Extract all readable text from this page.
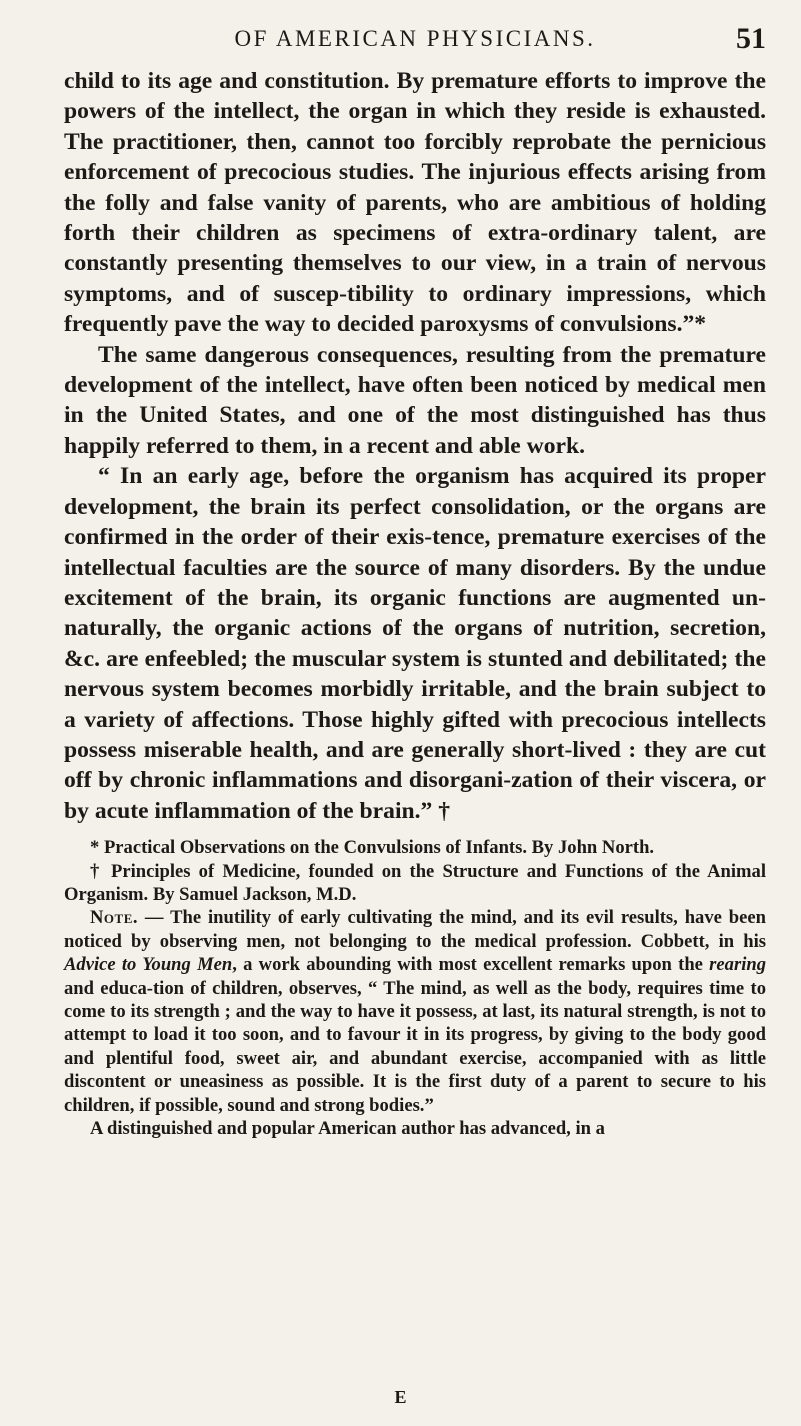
OF AMERICAN PHYSICIANS.	51

child to its age and constitution. By premature efforts to improve the powers of the intellect, the organ in which they reside is exhausted. The practitioner, then, cannot too forcibly reprobate the pernicious enforcement of precocious studies. The injurious effects arising from the folly and false vanity of parents, who are ambitious of holding forth their children as specimens of extra-ordinary talent, are constantly presenting themselves to our view, in a train of nervous symptoms, and of suscep-tibility to ordinary impressions, which frequently pave the way to decided paroxysms of convulsions.”*

The same dangerous consequences, resulting from the premature development of the intellect, have often been noticed by medical men in the United States, and one of the most distinguished has thus happily referred to them, in a recent and able work.

“ In an early age, before the organism has acquired its proper development, the brain its perfect consolidation, or the organs are confirmed in the order of their exis-tence, premature exercises of the intellectual faculties are the source of many disorders. By the undue excitement of the brain, its organic functions are augmented un-naturally, the organic actions of the organs of nutrition, secretion, &c. are enfeebled; the muscular system is stunted and debilitated; the nervous system becomes morbidly irritable, and the brain subject to a variety of affections. Those highly gifted with precocious intellects possess miserable health, and are generally short-lived : they are cut off by chronic inflammations and disorgani-zation of their viscera, or by acute inflammation of the brain.” †

* Practical Observations on the Convulsions of Infants. By John North.

† Principles of Medicine, founded on the Structure and Functions of the Animal Organism. By Samuel Jackson, M.D.

Note. — The inutility of early cultivating the mind, and its evil results, have been noticed by observing men, not belonging to the medical profession. Cobbett, in his Advice to Young Men, a work abounding with most excellent remarks upon the rearing and educa-tion of children, observes, “ The mind, as well as the body, requires time to come to its strength ; and the way to have it possess, at last, its natural strength, is not to attempt to load it too soon, and to favour it in its progress, by giving to the body good and plentiful food, sweet air, and abundant exercise, accompanied with as little discontent or uneasiness as possible. It is the first duty of a parent to secure to his children, if possible, sound and strong bodies.”

A distinguished and popular American author has advanced, in a

E
